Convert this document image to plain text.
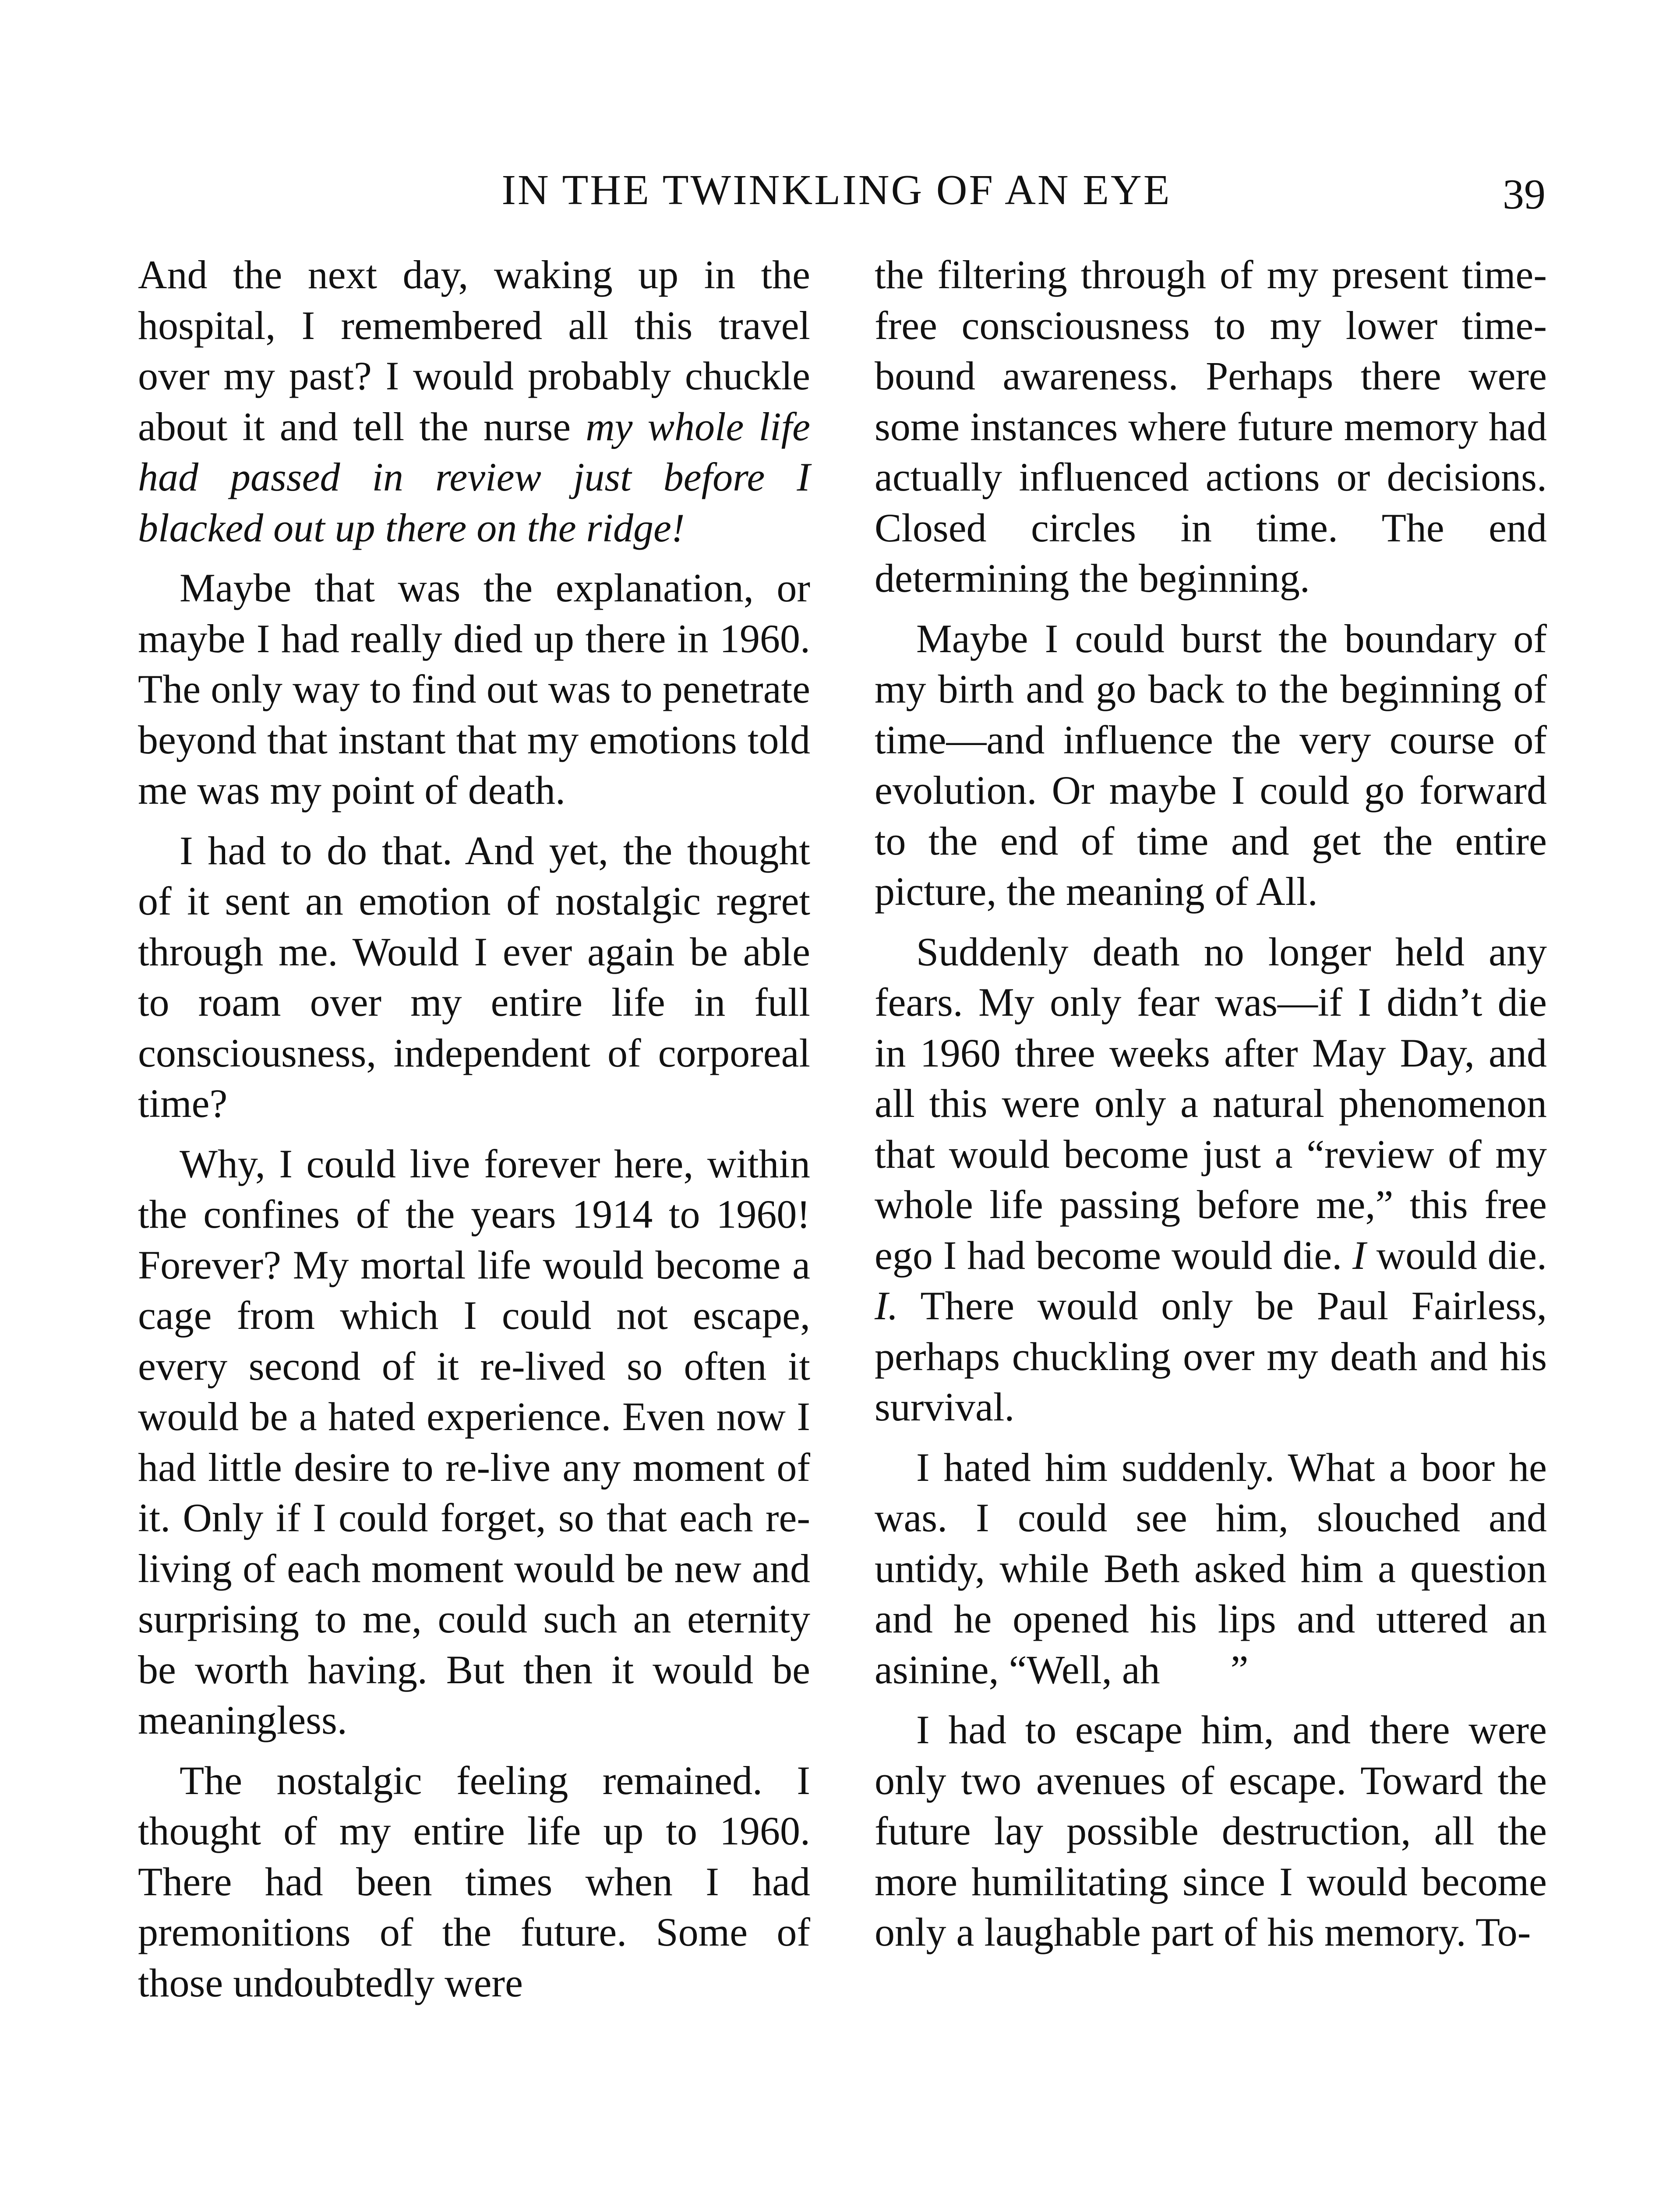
IN THE TWINKLING OF AN EYE	39

And the next day, waking up in the hospital, I remembered all this travel over my past? I would probably chuckle about it and tell the nurse my whole life had passed in review just before I blacked out up there on the ridge!

Maybe that was the explanation, or maybe I had really died up there in 1960. The only way to find out was to penetrate beyond that instant that my emotions told me was my point of death.

I had to do that. And yet, the thought of it sent an emotion of nostalgic regret through me. Would I ever again be able to roam over my entire life in full consciousness, independent of corporeal time?

Why, I could live forever here, within the confines of the years 1914 to 1960! Forever? My mortal life would become a cage from which I could not escape, every second of it re-lived so often it would be a hated experience. Even now I had little desire to re-live any moment of it. Only if I could forget, so that each re-living of each moment would be new and surprising to me, could such an eternity be worth having. But then it would be meaningless.

The nostalgic feeling remained. I thought of my entire life up to 1960. There had been times when I had premonitions of the future. Some of those undoubtedly were

the filtering through of my present time-free consciousness to my lower time-bound awareness. Perhaps there were some instances where future memory had actually influenced actions or decisions. Closed circles in time. The end determining the beginning.

Maybe I could burst the boundary of my birth and go back to the beginning of time—and influence the very course of evolution. Or maybe I could go forward to the end of time and get the entire picture, the meaning of All.

Suddenly death no longer held any fears. My only fear was—if I didn’t die in 1960 three weeks after May Day, and all this were only a natural phenomenon that would become just a “review of my whole life passing before me,” this free ego I had become would die. I would die. I. There would only be Paul Fairless, perhaps chuckling over my death and his survival.

I hated him suddenly. What a boor he was. I could see him, slouched and untidy, while Beth asked him a question and he opened his lips and uttered an asinine, “Well, ah       ”

I had to escape him, and there were only two avenues of escape. Toward the future lay possible destruction, all the more humilitating since I would become only a laughable part of his memory. To-
